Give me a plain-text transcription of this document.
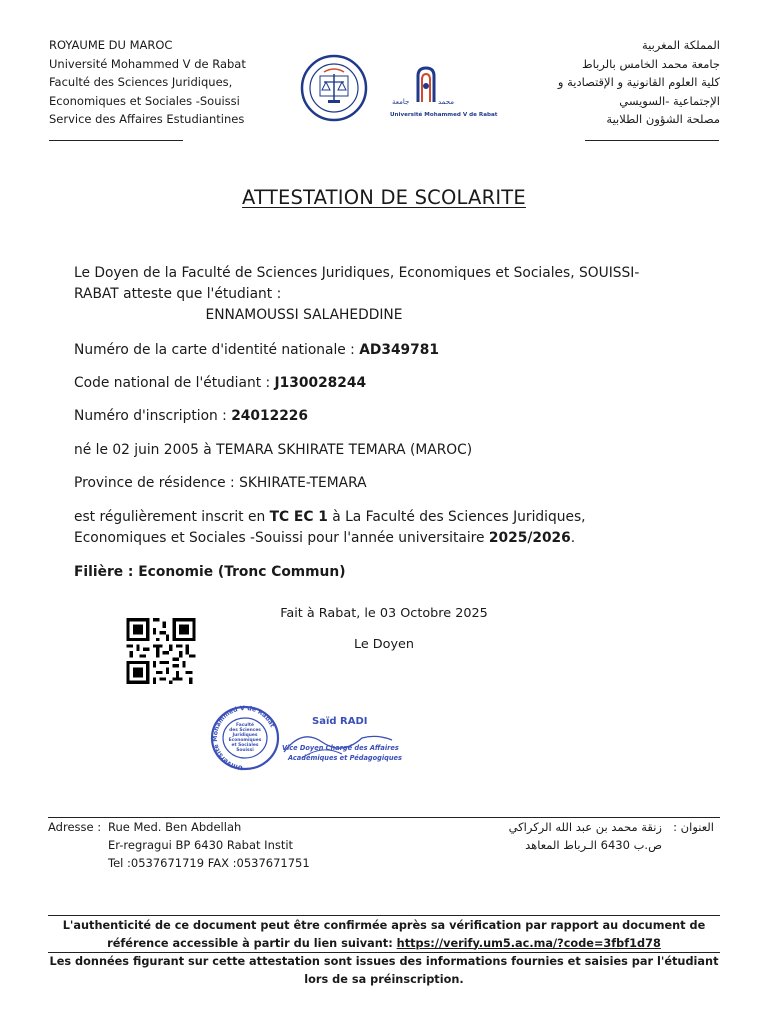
ROYAUME DU MAROC
Université Mohammed V de Rabat
Faculté des Sciences Juridiques,
Economiques et Sociales -Souissi
Service des Affaires Estudiantines
المملكة المغربية
جامعة محمد الخامس بالرباط
كلية العلوم القانونية و الإقتصادية و
الإجتماعية -السويسي
مصلحة الشؤون الطلابية
جامعة	محمد
Université Mohammed V de Rabat
ATTESTATION DE SCOLARITE
Le Doyen de la Faculté de Sciences Juridiques, Economiques et Sociales, SOUISSI-RABAT atteste que l'étudiant :
ENNAMOUSSI SALAHEDDINE
Numéro de la carte d'identité nationale : AD349781
Code national de l'étudiant : J130028244
Numéro d'inscription : 24012226
né le 02 juin 2005 à TEMARA SKHIRATE TEMARA (MAROC)
Province de résidence : SKHIRATE-TEMARA
est régulièrement inscrit en TC EC 1 à La Faculté des Sciences Juridiques, Economiques et Sociales -Souissi pour l'année universitaire 2025/2026.
Filière : Economie (Tronc Commun)
Fait à Rabat, le 03 Octobre 2025
Le Doyen
Université Mohammed V de Rabat
Faculté
des Sciences
Juridiques
Economiques
et Sociales
Souissi
Saïd RADI
Vice Doyen Chargé des Affaires
Académiques et Pédagogiques
Adresse : Rue Med. Ben Abdellah
Er-regragui BP 6430 Rabat Instit
Tel :0537671719 FAX :0537671751
العنوان :
زنقة محمد بن عبد الله الركراكي
ص.ب 6430 الـرباط المعاهد
L'authenticité de ce document peut être confirmée après sa vérification par rapport au document de référence accessible à partir du lien suivant: https://verify.um5.ac.ma/?code=3fbf1d78
Les données figurant sur cette attestation sont issues des informations fournies et saisies par l'étudiant lors de sa préinscription.
